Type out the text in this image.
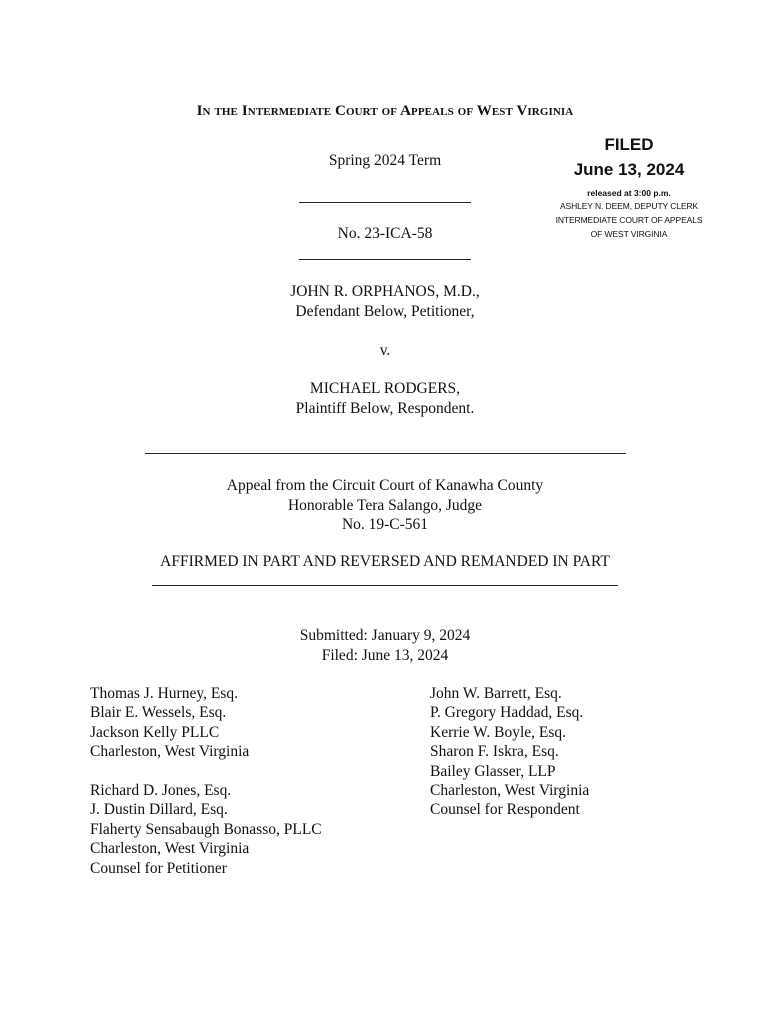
In the Intermediate Court of Appeals of West Virginia
Spring 2024 Term
No. 23-ICA-58
FILED
June 13, 2024
released at 3:00 p.m.
ASHLEY N. DEEM, DEPUTY CLERK
INTERMEDIATE COURT OF APPEALS
OF WEST VIRGINIA
JOHN R. ORPHANOS, M.D.,
Defendant Below, Petitioner,
v.
MICHAEL RODGERS,
Plaintiff Below, Respondent.
Appeal from the Circuit Court of Kanawha County
Honorable Tera Salango, Judge
No. 19-C-561
AFFIRMED IN PART AND REVERSED AND REMANDED IN PART
Submitted: January 9, 2024
Filed: June 13, 2024
Thomas J. Hurney, Esq.
Blair E. Wessels, Esq.
Jackson Kelly PLLC
Charleston, West Virginia
Richard D. Jones, Esq.
J. Dustin Dillard, Esq.
Flaherty Sensabaugh Bonasso, PLLC
Charleston, West Virginia
Counsel for Petitioner
John W. Barrett, Esq.
P. Gregory Haddad, Esq.
Kerrie W. Boyle, Esq.
Sharon F. Iskra, Esq.
Bailey Glasser, LLP
Charleston, West Virginia
Counsel for Respondent
